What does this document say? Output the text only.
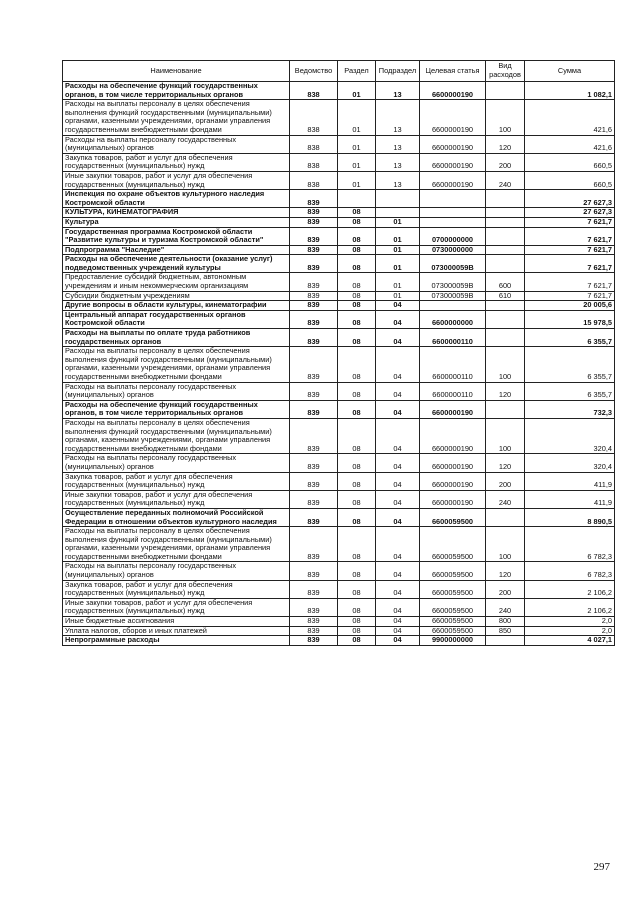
Наименование	Ведомство	Раздел	Подраздел	Целевая статья	Вид расходов	Сумма
Расходы на обеспечение функций государственных органов, в том числе территориальных органов	838	01	13	6600000190		1 082,1
Расходы на выплаты персоналу в целях обеспечения выполнения функций государственными (муниципальными) органами, казенными учреждениями, органами управления государственными внебюджетными фондами	838	01	13	6600000190	100	421,6
Расходы на выплаты персоналу государственных (муниципальных) органов	838	01	13	6600000190	120	421,6
Закупка товаров, работ и услуг для обеспечения государственных (муниципальных) нужд	838	01	13	6600000190	200	660,5
Иные закупки товаров, работ и услуг для обеспечения государственных (муниципальных) нужд	838	01	13	6600000190	240	660,5
Инспекция по охране объектов культурного наследия Костромской области	839					27 627,3
КУЛЬТУРА, КИНЕМАТОГРАФИЯ	839	08				27 627,3
Культура	839	08	01			7 621,7
Государственная программа Костромской области "Развитие культуры и туризма Костромской области"	839	08	01	0700000000		7 621,7
Подпрограмма "Наследие"	839	08	01	0730000000		7 621,7
Расходы на обеспечение деятельности (оказание услуг) подведомственных учреждений культуры	839	08	01	073000059В		7 621,7
Предоставление субсидий бюджетным, автономным учреждениям и иным некоммерческим организациям	839	08	01	073000059В	600	7 621,7
Субсидии бюджетным учреждениям	839	08	01	073000059В	610	7 621,7
Другие вопросы в области культуры, кинематографии	839	08	04			20 005,6
Центральный аппарат государственных органов Костромской области	839	08	04	6600000000		15 978,5
Расходы на выплаты по оплате труда работников государственных органов	839	08	04	6600000110		6 355,7
Расходы на выплаты персоналу в целях обеспечения выполнения функций государственными (муниципальными) органами, казенными учреждениями, органами управления государственными внебюджетными фондами	839	08	04	6600000110	100	6 355,7
Расходы на выплаты персоналу государственных (муниципальных) органов	839	08	04	6600000110	120	6 355,7
Расходы на обеспечение функций государственных органов, в том числе территориальных органов	839	08	04	6600000190		732,3
Расходы на выплаты персоналу в целях обеспечения выполнения функций государственными (муниципальными) органами, казенными учреждениями, органами управления государственными внебюджетными фондами	839	08	04	6600000190	100	320,4
Расходы на выплаты персоналу государственных (муниципальных) органов	839	08	04	6600000190	120	320,4
Закупка товаров, работ и услуг для обеспечения государственных (муниципальных) нужд	839	08	04	6600000190	200	411,9
Иные закупки товаров, работ и услуг для обеспечения государственных (муниципальных) нужд	839	08	04	6600000190	240	411,9
Осуществление переданных полномочий Российской Федерации в отношении объектов культурного наследия	839	08	04	6600059500		8 890,5
Расходы на выплаты персоналу в целях обеспечения выполнения функций государственными (муниципальными) органами, казенными учреждениями, органами управления государственными внебюджетными фондами	839	08	04	6600059500	100	6 782,3
Расходы на выплаты персоналу государственных (муниципальных) органов	839	08	04	6600059500	120	6 782,3
Закупка товаров, работ и услуг для обеспечения государственных (муниципальных) нужд	839	08	04	6600059500	200	2 106,2
Иные закупки товаров, работ и услуг для обеспечения государственных (муниципальных) нужд	839	08	04	6600059500	240	2 106,2
Иные бюджетные ассигнования	839	08	04	6600059500	800	2,0
Уплата налогов, сборов и иных платежей	839	08	04	6600059500	850	2,0
Непрограммные расходы	839	08	04	9900000000		4 027,1
297
